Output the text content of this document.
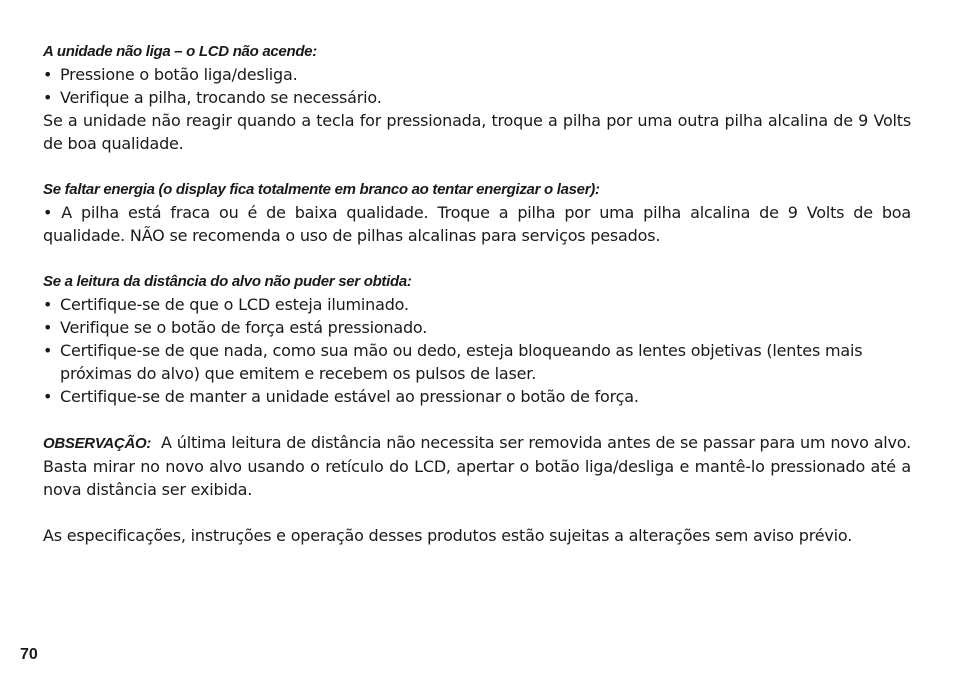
A unidade não liga – o LCD não acende:

• Pressione o botão liga/desliga.
• Verifique a pilha, trocando se necessário.

Se a unidade não reagir quando a tecla for pressionada, troque a pilha por uma outra pilha alcalina de 9 Volts de boa qualidade.

Se faltar energia (o display fica totalmente em branco ao tentar energizar o laser):

• A pilha está fraca ou é de baixa qualidade. Troque a pilha por uma pilha alcalina de 9 Volts de boa qualidade. NÃO se recomenda o uso de pilhas alcalinas para serviços pesados.

Se a leitura da distância do alvo não puder ser obtida:

• Certifique-se de que o LCD esteja iluminado.
• Verifique se o botão de força está pressionado.
• Certifique-se de que nada, como sua mão ou dedo, esteja bloqueando as lentes objetivas (lentes mais próximas do alvo) que emitem e recebem os pulsos de laser.
• Certifique-se de manter a unidade estável ao pressionar o botão de força.

OBSERVAÇÃO: A última leitura de distância não necessita ser removida antes de se passar para um novo alvo. Basta mirar no novo alvo usando o retículo do LCD, apertar o botão liga/desliga e mantê-lo pressionado até a nova distância ser exibida.

As especificações, instruções e operação desses produtos estão sujeitas a alterações sem aviso prévio.

70
